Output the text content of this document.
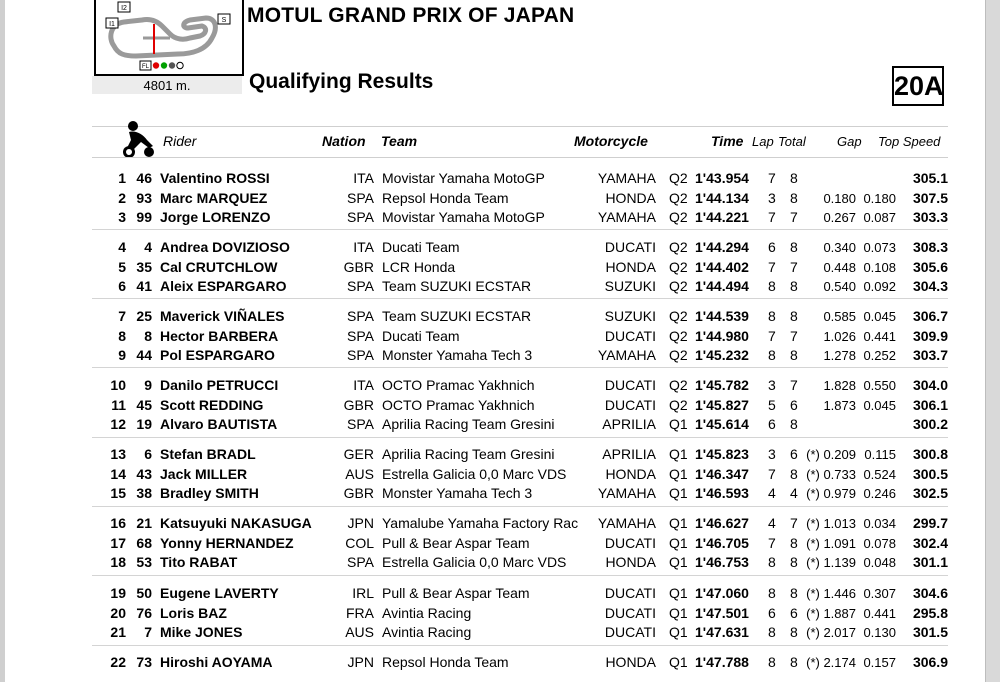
I2
I1
S
FL
4801 m.
MOTUL GRAND PRIX OF JAPAN
Qualifying Results	20A
Rider	Nation Team	Motorcycle	Time Lap Total Gap Top Speed
1 46 Valentino ROSSI	ITA Movistar Yamaha MotoGP	YAMAHA Q2 1'43.954 7 8	305.1
2 93 Marc MARQUEZ	SPA Repsol Honda Team	HONDA Q2 1'44.134 3 8	0.180 0.180	307.5
3 99 Jorge LORENZO	SPA Movistar Yamaha MotoGP	YAMAHA Q2 1'44.221 7 7	0.267 0.087	303.3
4	4 Andrea DOVIZIOSO	ITA Ducati Team	DUCATI Q2 1'44.294 6 8	0.340 0.073	308.3
5 35 Cal CRUTCHLOW	GBR LCR Honda	HONDA Q2 1'44.402 7 7	0.448 0.108	305.6
6 41 Aleix ESPARGARO	SPA Team SUZUKI ECSTAR	SUZUKI Q2 1'44.494 8 8	0.540 0.092	304.3
7 25 Maverick VIÑALES	SPA Team SUZUKI ECSTAR	SUZUKI Q2 1'44.539 8 8	0.585 0.045	306.7
8	8 Hector BARBERA	SPA Ducati Team	DUCATI Q2 1'44.980 7 7	1.026 0.441	309.9
9 44 Pol ESPARGARO	SPA Monster Yamaha Tech 3	YAMAHA Q2 1'45.232 8 8	1.278 0.252	303.7
10	9 Danilo PETRUCCI	ITA OCTO Pramac Yakhnich	DUCATI Q2 1'45.782 3 7	1.828 0.550	304.0
11 45 Scott REDDING	GBR OCTO Pramac Yakhnich	DUCATI Q2 1'45.827 5 6	1.873 0.045	306.1
12 19 Alvaro BAUTISTA	SPA Aprilia Racing Team Gresini	APRILIA Q1 1'45.614 6 8	300.2
13	6 Stefan BRADL	GER Aprilia Racing Team Gresini	APRILIA Q1 1'45.823 3 6 (*) 0.209 0.115	300.8
14 43 Jack MILLER	AUS Estrella Galicia 0,0 Marc VDS	HONDA Q1 1'46.347 7 8 (*) 0.733 0.524	300.5
15 38 Bradley SMITH	GBR Monster Yamaha Tech 3	YAMAHA Q1 1'46.593 4 4 (*) 0.979 0.246	302.5
16 21 Katsuyuki NAKASUGA	JPN Yamalube Yamaha Factory Rac	YAMAHA Q1 1'46.627 4 7 (*) 1.013 0.034	299.7
17 68 Yonny HERNANDEZ	COL Pull & Bear Aspar Team	DUCATI Q1 1'46.705 7 8 (*) 1.091 0.078	302.4
18 53 Tito RABAT	SPA Estrella Galicia 0,0 Marc VDS	HONDA Q1 1'46.753 8 8 (*) 1.139 0.048	301.1
19 50 Eugene LAVERTY	IRL Pull & Bear Aspar Team	DUCATI Q1 1'47.060 8 8 (*) 1.446 0.307	304.6
20 76 Loris BAZ	FRA Avintia Racing	DUCATI Q1 1'47.501 6 6 (*) 1.887 0.441	295.8
21	7 Mike JONES	AUS Avintia Racing	DUCATI Q1 1'47.631 8 8 (*) 2.017 0.130	301.5
22 73 Hiroshi AOYAMA	JPN Repsol Honda Team	HONDA Q1 1'47.788 8 8 (*) 2.174 0.157	306.9
